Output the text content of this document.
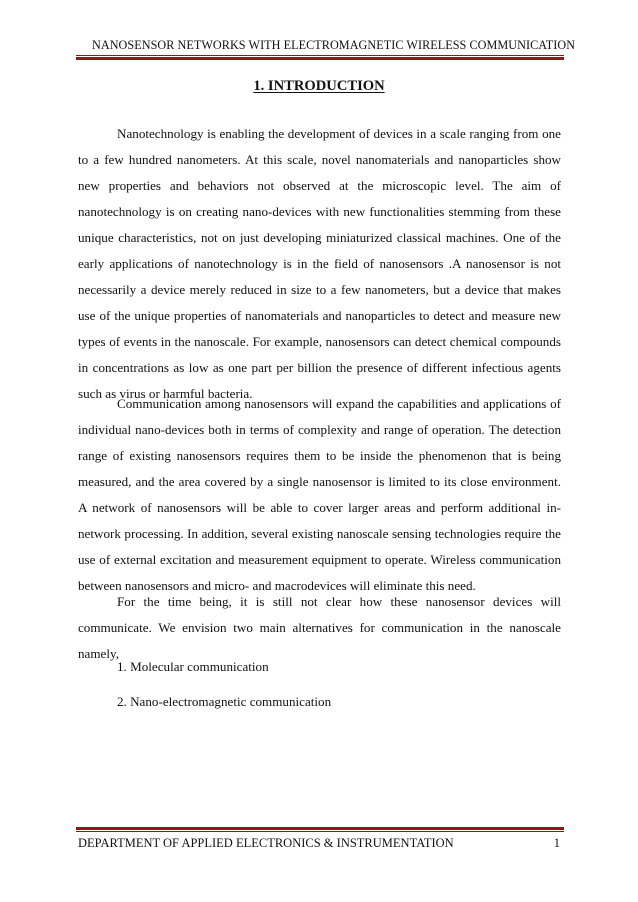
NANOSENSOR NETWORKS WITH ELECTROMAGNETIC WIRELESS COMMUNICATION
1. INTRODUCTION

Nanotechnology is enabling the development of devices in a scale ranging from one to a few hundred nanometers. At this scale, novel nanomaterials and nanoparticles show new properties and behaviors not observed at the microscopic level. The aim of nanotechnology is on creating nano-devices with new functionalities stemming from these unique characteristics, not on just developing miniaturized classical machines. One of the early applications of nanotechnology is in the field of nanosensors .A nanosensor is not necessarily a device merely reduced in size to a few nanometers, but a device that makes use of the unique properties of nanomaterials and nanoparticles to detect and measure new types of events in the nanoscale. For example, nanosensors can detect chemical compounds in concentrations as low as one part per billion the presence of different infectious agents such as virus or harmful bacteria.

Communication among nanosensors will expand the capabilities and applications of individual nano-devices both in terms of complexity and range of operation. The detection range of existing nanosensors requires them to be inside the phenomenon that is being measured, and the area covered by a single nanosensor is limited to its close environment. A network of nanosensors will be able to cover larger areas and perform additional in-network processing. In addition, several existing nanoscale sensing technologies require the use of external excitation and measurement equipment to operate. Wireless communication between nanosensors and micro- and macrodevices will eliminate this need.

For the time being, it is still not clear how these nanosensor devices will communicate. We envision two main alternatives for communication in the nanoscale namely,

1. Molecular communication
2. Nano-electromagnetic communication
DEPARTMENT OF APPLIED ELECTRONICS & INSTRUMENTATION	1
